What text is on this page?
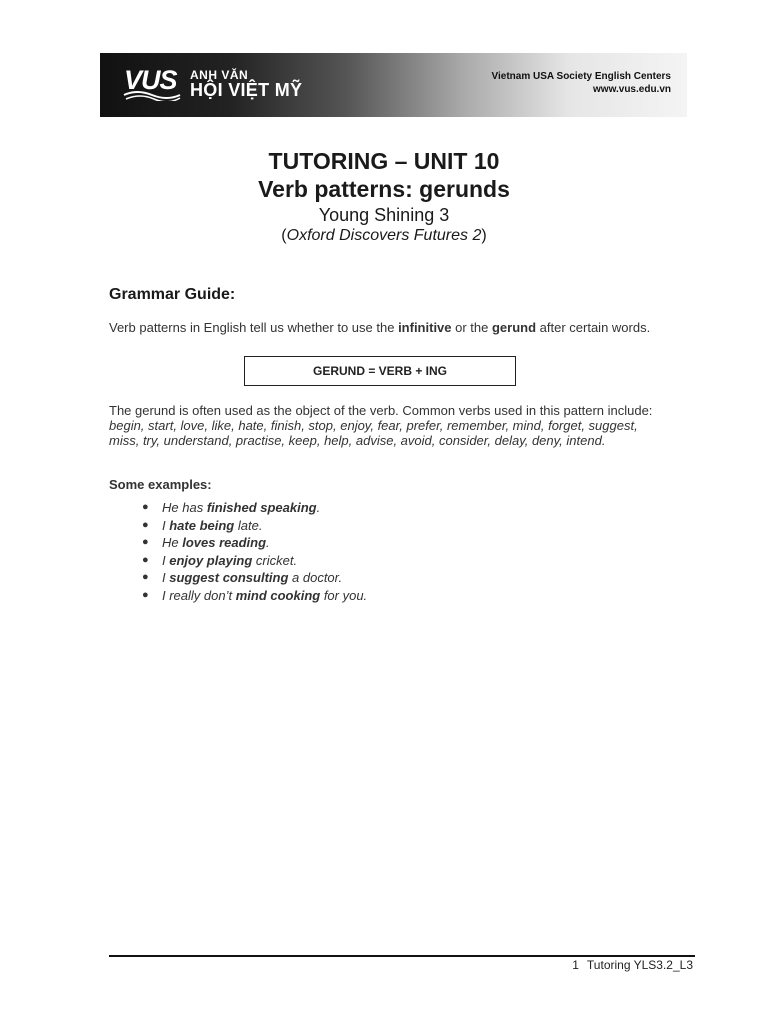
VUS ANH VĂN
HỘI VIỆT MỸ
Vietnam USA Society English Centers
www.vus.edu.vn
TUTORING – UNIT 10
Verb patterns: gerunds
Young Shining 3
(Oxford Discovers Futures 2)
Grammar Guide:
Verb patterns in English tell us whether to use the infinitive or the gerund after certain words.
GERUND = VERB + ING
The gerund is often used as the object of the verb. Common verbs used in this pattern include: begin, start, love, like, hate, finish, stop, enjoy, fear, prefer, remember, mind, forget, suggest, miss, try, understand, practise, keep, help, advise, avoid, consider, delay, deny, intend.
Some examples:
● He has finished speaking.
● I hate being late.
● He loves reading.
● I enjoy playing cricket.
● I suggest consulting a doctor.
● I really don’t mind cooking for you.
1 Tutoring YLS3.2_L3
